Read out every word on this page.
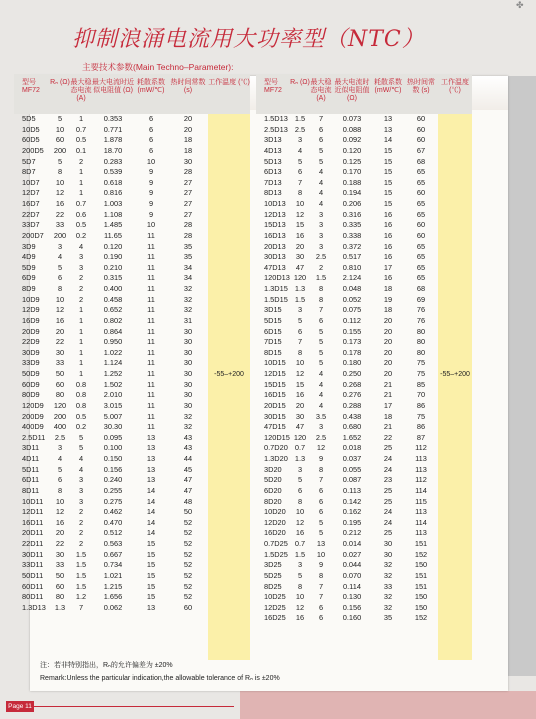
✤
抑制浪涌电流用大功率型（NTC）
主要技术参数(Main Techno–Parameter):
型号 MF72
Rₙ (Ω) 最大稳态电流 (A)
最大电流时近似电阻值 (Ω)
耗散系数 (mW/℃)
热时间常数 (s)
工作温度 (℃)
-55–+200
5D5	5	1	0.353	6	20
10D5	10	0.7	0.771	6	20
60D5	60	0.5	1.878	6	18
200D5	200	0.1	18.70	6	18
5D7	5	2	0.283	10	30
8D7	8	1	0.539	9	28
10D7	10	1	0.618	9	27
12D7	12	1	0.816	9	27
16D7	16	0.7	1.003	9	27
22D7	22	0.6	1.108	9	27
33D7	33	0.5	1.485	10	28
200D7	200	0.2	11.65	11	28
3D9	3	4	0.120	11	35
4D9	4	3	0.190	11	35
5D9	5	3	0.210	11	34
6D9	6	2	0.315	11	34
8D9	8	2	0.400	11	32
10D9	10	2	0.458	11	32
12D9	12	1	0.652	11	32
16D9	16	1	0.802	11	31
20D9	20	1	0.864	11	30
22D9	22	1	0.950	11	30
30D9	30	1	1.022	11	30
33D9	33	1	1.124	11	30
50D9	50	1	1.252	11	30
60D9	60	0.8	1.502	11	30
80D9	80	0.8	2.010	11	30
120D9	120	0.8	3.015	11	30
200D9	200	0.5	5.007	11	32
400D9	400	0.2	30.30	11	32
2.5D11	2.5	5	0.095	13	43
3D11	3	5	0.100	13	43
4D11	4	4	0.150	13	44
5D11	5	4	0.156	13	45
6D11	6	3	0.240	13	47
8D11	8	3	0.255	14	47
10D11	10	3	0.275	14	48
12D11	12	2	0.462	14	50
16D11	16	2	0.470	14	52
20D11	20	2	0.512	14	52
22D11	22	2	0.563	15	52
30D11	30	1.5	0.667	15	52
33D11	33	1.5	0.734	15	52
50D11	50	1.5	1.021	15	52
60D11	60	1.5	1.215	15	52
80D11	80	1.2	1.656	15	52
1.3D13	1.3	7	0.062	13	60
型号 MF72
Rₙ (Ω) 最大稳态电流 (A)
最大电流时近似电阻值 (Ω)
耗散系数 (mW/℃)
热时间常数 (s)
工作温度 (℃)
-55–+200
1.5D13 1.5	7	0.073	13	60
2.5D13 2.5	6	0.088	13	60
3D13	3	6	0.092	14	60
4D13	4	5	0.120	15	67
5D13	5	5	0.125	15	68
6D13	6	4	0.170	15	65
7D13	7	4	0.188	15	65
8D13	8	4	0.194	15	60
10D13	10	4	0.206	15	65
12D13	12	3	0.316	16	65
15D13	15	3	0.335	16	60
16D13	16	3	0.338	16	60
20D13	20	3	0.372	16	65
30D13	30	2.5	0.517	16	65
47D13	47	2	0.810	17	65
120D13 120	1.5	2.124	16	65
1.3D15 1.3	8	0.048	18	68
1.5D15 1.5	8	0.052	19	69
3D15	3	7	0.075	18	76
5D15	5	6	0.112	20	76
6D15	6	5	0.155	20	80
7D15	7	5	0.173	20	80
8D15	8	5	0.178	20	80
10D15	10	5	0.180	20	75
12D15	12	4	0.250	20	75
15D15	15	4	0.268	21	85
16D15	16	4	0.276	21	70
20D15	20	4	0.288	17	86
30D15	30	3.5	0.438	18	75
47D15	47	3	0.680	21	86
120D15 120	2.5	1.652	22	87
0.7D20 0.7	12	0.018	25	112
1.3D20 1.3	9	0.037	24	113
3D20	3	8	0.055	24	113
5D20	5	7	0.087	23	112
6D20	6	6	0.113	25	114
8D20	8	6	0.142	25	115
10D20	10	6	0.162	24	113
12D20	12	5	0.195	24	114
16D20	16	5	0.212	25	113
0.7D25 0.7	13	0.014	30	151
1.5D25 1.5	10	0.027	30	152
3D25	3	9	0.044	32	150
5D25	5	8	0.070	32	151
8D25	8	7	0.114	33	151
10D25	10	7	0.130	32	150
12D25	12	6	0.156	32	150
16D25	16	6	0.160	35	152
注：若非特别指出，Rₙ的允许偏差为 ±20%
Remark:Unless the particular indication,the allowable tolerance of Rₙ is ±20%
Page 11
